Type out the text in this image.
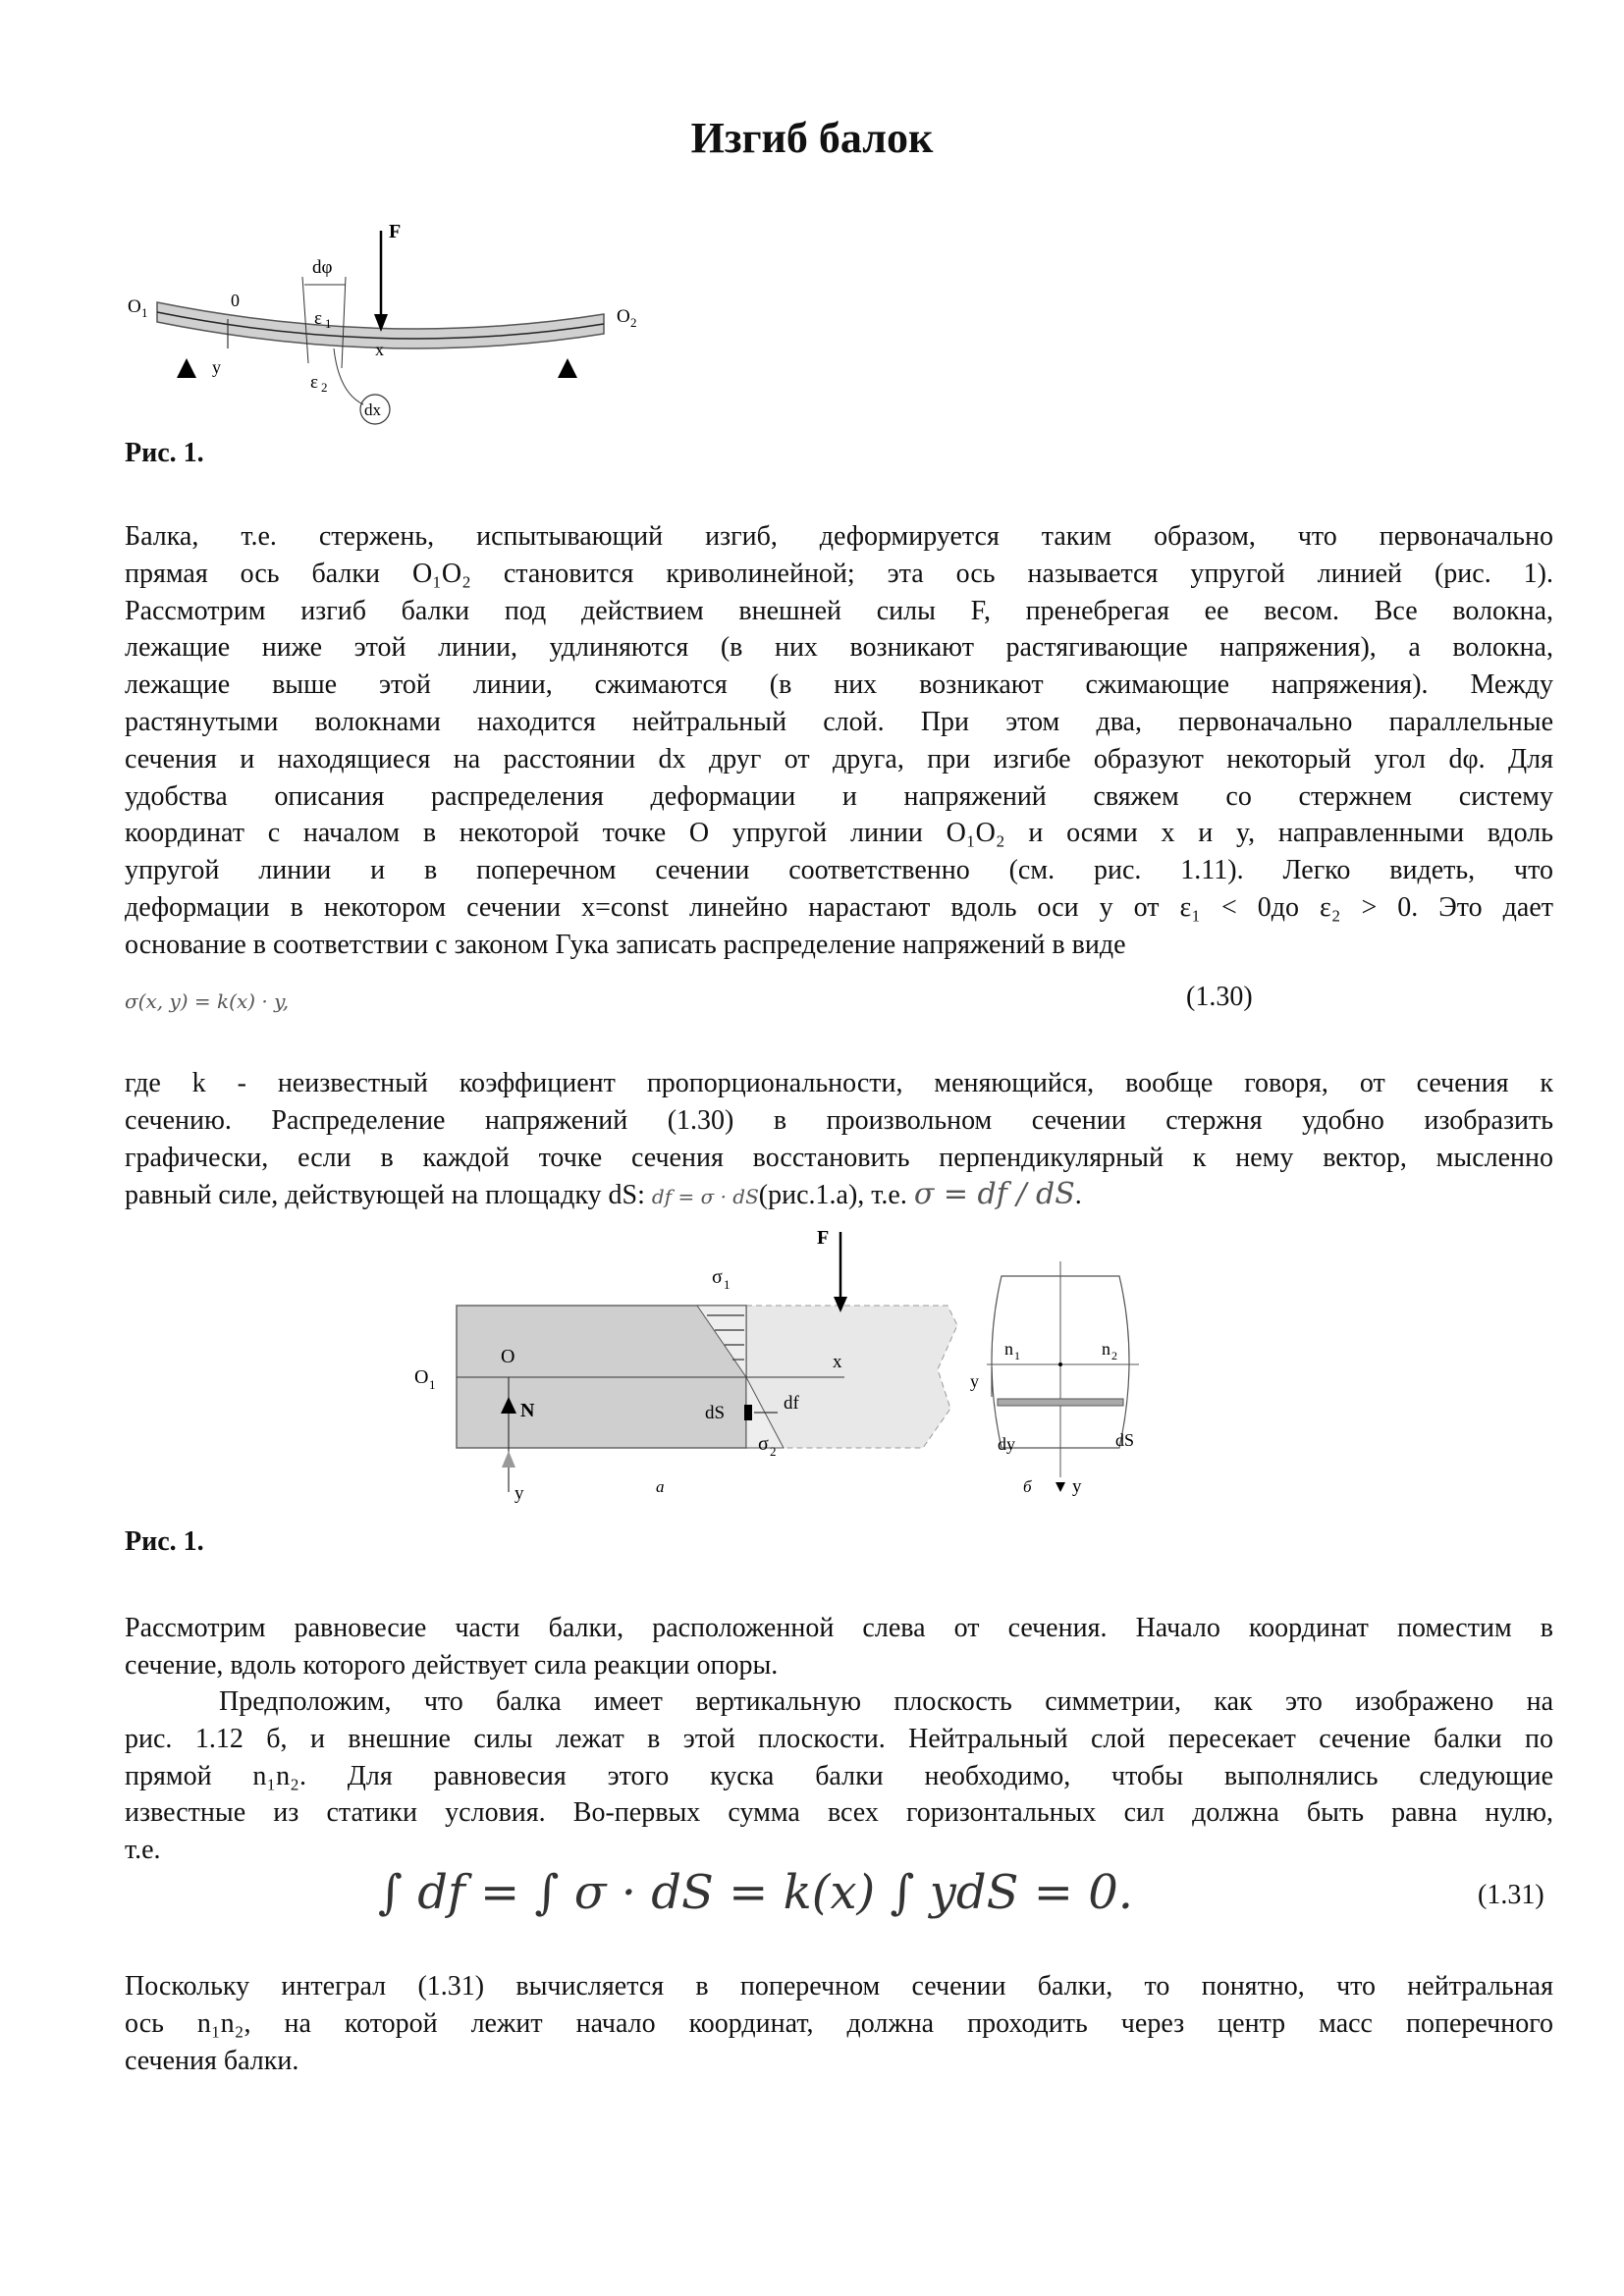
Изгиб балок
F
dφ
ε 1
ε 2
dx
0
x
y
O 1	O 2
Рис. 1.
Балка, т.е. стержень, испытывающий изгиб, деформируется таким образом, что первоначально
прямая ось балки O₁O₂ становится криволинейной; эта ось называется упругой линией (рис. 1).
Рассмотрим изгиб балки под действием внешней силы F, пренебрегая ее весом. Все волокна,
лежащие ниже этой линии, удлиняются (в них возникают растягивающие напряжения), а волокна,
лежащие выше этой линии, сжимаются (в них возникают сжимающие напряжения). Между
растянутыми волокнами находится нейтральный слой. При этом два, первоначально параллельные
сечения и находящиеся на расстоянии dx друг от друга, при изгибе образуют некоторый угол dφ. Для
удобства описания распределения деформации и напряжений свяжем со стержнем систему
координат с началом в некоторой точке О упругой линии O₁O₂ и осями x и y, направленными вдоль
упругой линии и в поперечном сечении соответственно (см. рис. 1.11). Легко видеть, что
деформации в некотором сечении x=const линейно нарастают вдоль оси y от ε₁ < 0до ε₂ > 0. Это дает
основание в соответствии с законом Гука записать распределение напряжений в виде
σ(x, y) = k(x) · y,	(1.30)
где k - неизвестный коэффициент пропорциональности, меняющийся, вообще говоря, от сечения к
сечению. Распределение напряжений (1.30) в произвольном сечении стержня удобно изобразить
графически, если в каждой точке сечения восстановить перпендикулярный к нему вектор, мысленно
равный силе, действующей на площадку dS: df = σ · dS(рис.1.а), т.е. σ = df / dS.
σ 1
F
x
O 1
O
N
y
dS	df
σ 2
а
n 1	n 2
y
dy	dS
б y
Рис. 1.
Рассмотрим равновесие части балки, расположенной слева от сечения. Начало координат поместим в
сечение, вдоль которого действует сила реакции опоры.
Предположим, что балка имеет вертикальную плоскость симметрии, как это изображено на
рис. 1.12 б, и внешние силы лежат в этой плоскости. Нейтральный слой пересекает сечение балки по
прямой n₁n₂. Для равновесия этого куска балки необходимо, чтобы выполнялись следующие
известные из статики условия. Во-первых сумма всех горизонтальных сил должна быть равна нулю,
т.е.
∫ df = ∫ σ · dS = k(x) ∫ ydS = 0.	(1.31)
Поскольку интеграл (1.31) вычисляется в поперечном сечении балки, то понятно, что нейтральная
ось n₁n₂, на которой лежит начало координат, должна проходить через центр масс поперечного
сечения балки.
